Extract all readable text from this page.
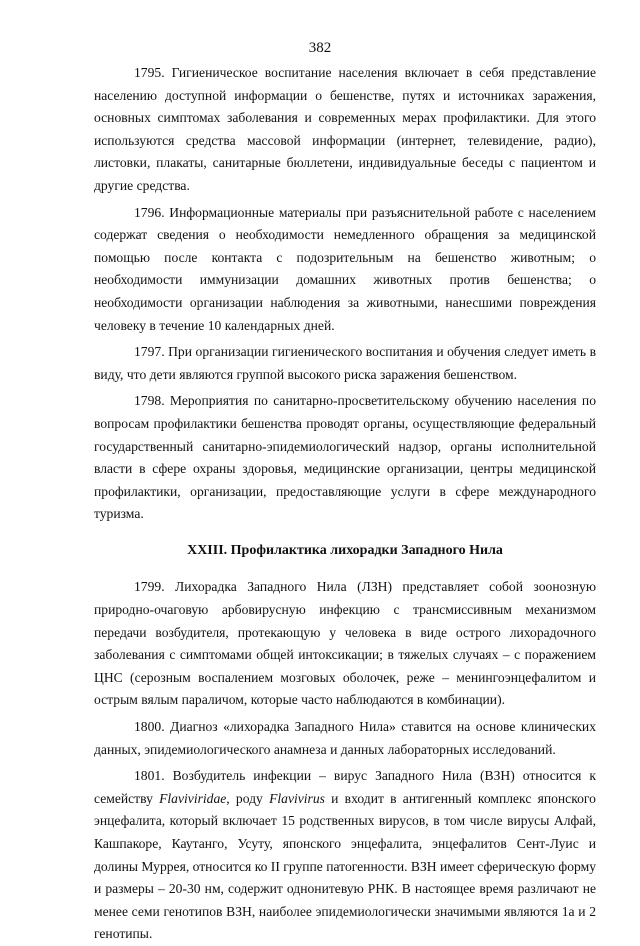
382

1795. Гигиеническое воспитание населения включает в себя представление населению доступной информации о бешенстве, путях и источниках заражения, основных симптомах заболевания и современных мерах профилактики. Для этого используются средства массовой информации (интернет, телевидение, радио), листовки, плакаты, санитарные бюллетени, индивидуальные беседы с пациентом и другие средства.

1796. Информационные материалы при разъяснительной работе с населением содержат сведения о необходимости немедленного обращения за медицинской помощью после контакта с подозрительным на бешенство животным; о необходимости иммунизации домашних животных против бешенства; о необходимости организации наблюдения за животными, нанесшими повреждения человеку в течение 10 календарных дней.

1797. При организации гигиенического воспитания и обучения следует иметь в виду, что дети являются группой высокого риска заражения бешенством.

1798. Мероприятия по санитарно-просветительскому обучению населения по вопросам профилактики бешенства проводят органы, осуществляющие федеральный государственный санитарно-эпидемиологический надзор, органы исполнительной власти в сфере охраны здоровья, медицинские организации, центры медицинской профилактики, организации, предоставляющие услуги в сфере международного туризма.

XXIII. Профилактика лихорадки Западного Нила

1799. Лихорадка Западного Нила (ЛЗН) представляет собой зоонозную природно-очаговую арбовирусную инфекцию с трансмиссивным механизмом передачи возбудителя, протекающую у человека в виде острого лихорадочного заболевания с симптомами общей интоксикации; в тяжелых случаях – с поражением ЦНС (серозным воспалением мозговых оболочек, реже – менингоэнцефалитом и острым вялым параличом, которые часто наблюдаются в комбинации).

1800. Диагноз «лихорадка Западного Нила» ставится на основе клинических данных, эпидемиологического анамнеза и данных лабораторных исследований.

1801. Возбудитель инфекции – вирус Западного Нила (ВЗН) относится к семейству Flaviviridae, роду Flavivirus и входит в антигенный комплекс японского энцефалита, который включает 15 родственных вирусов, в том числе вирусы Алфай, Кашпакоре, Каутанго, Усуту, японского энцефалита, энцефалитов Сент-Луис и долины Муррея, относится ко II группе патогенности. ВЗН имеет сферическую форму и размеры – 20-30 нм, содержит однонитевую РНК. В настоящее время различают не менее семи генотипов ВЗН, наиболее эпидемиологически значимыми являются 1а и 2 генотипы.
